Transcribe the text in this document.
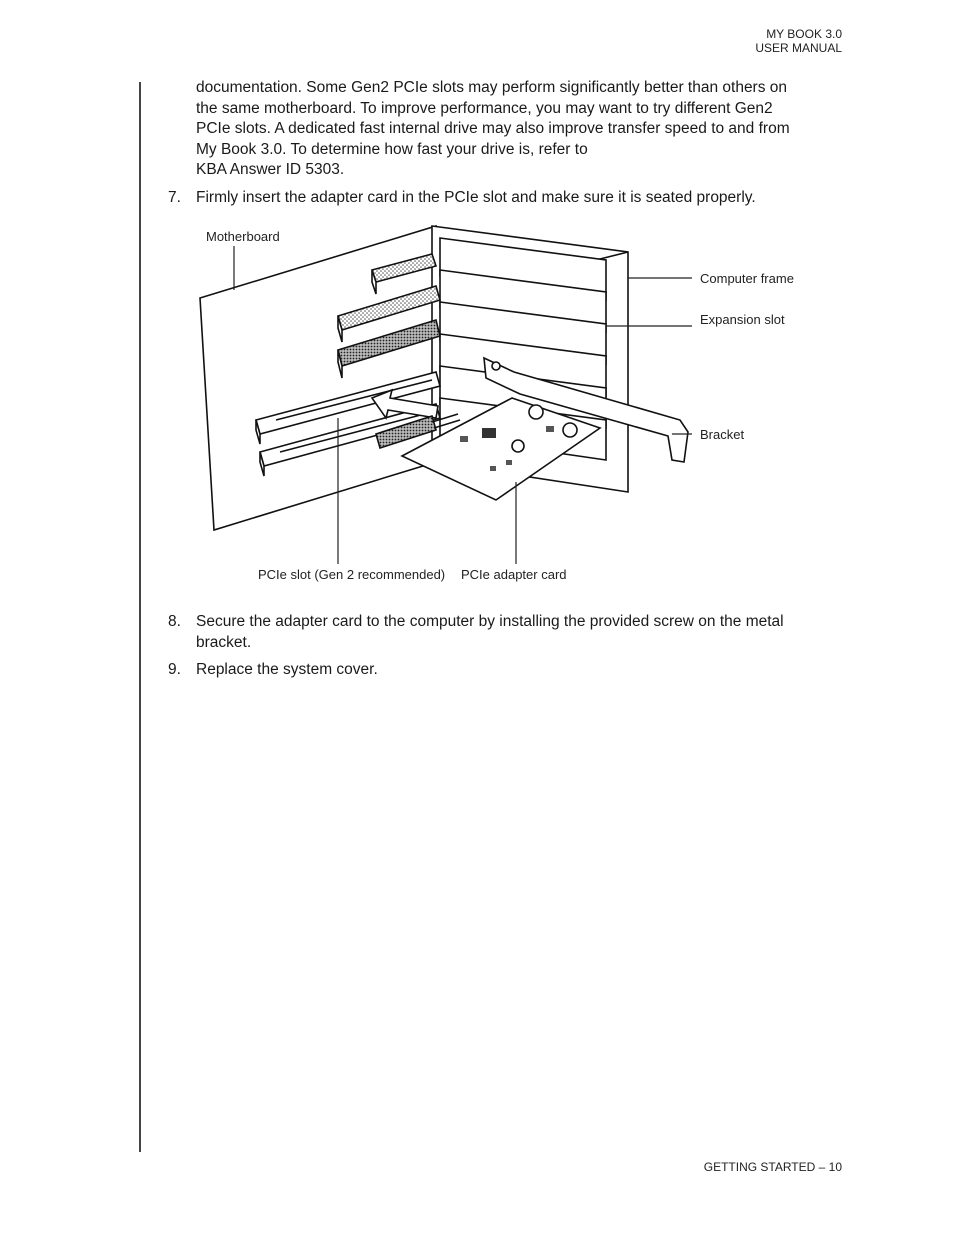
MY BOOK 3.0
USER MANUAL

documentation. Some Gen2 PCIe slots may perform significantly better than others on

the same motherboard. To improve performance, you may want to try different Gen2

PCIe slots. A dedicated fast internal drive may also improve transfer speed to and from

My Book 3.0. To determine how fast your drive is, refer to

KBA Answer ID 5303.

7. Firmly insert the adapter card in the PCIe slot and make sure it is seated properly.
Motherboard
Computer frame
Expansion slot
Bracket
PCIe slot (Gen 2 recommended) PCIe adapter card
8. Secure the adapter card to the computer by installing the provided screw on the metal
bracket.
9. Replace the system cover.
GETTING STARTED – 10
